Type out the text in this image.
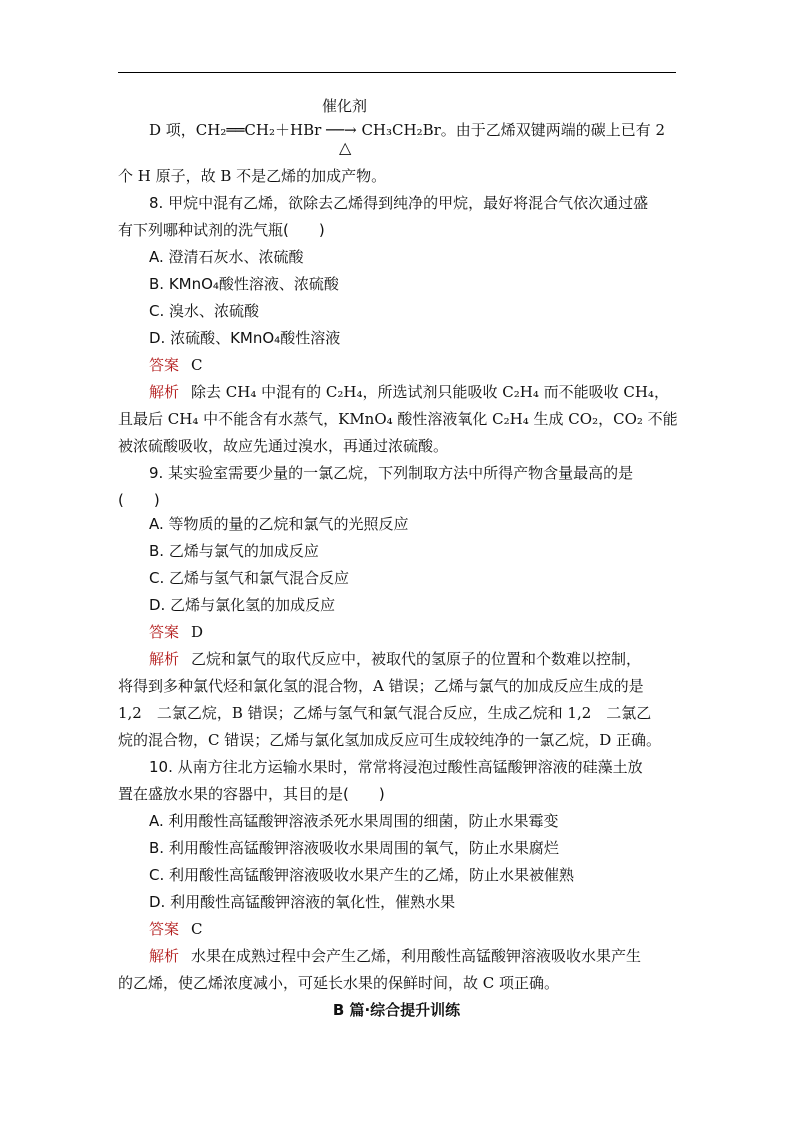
催化剂
D 项，CH₂══CH₂＋HBr ──→ CH₃CH₂Br。由于乙烯双键两端的碳上已有 2
△
个 H 原子，故 B 不是乙烯的加成产物。
8. 甲烷中混有乙烯，欲除去乙烯得到纯净的甲烷，最好将混合气依次通过盛
有下列哪种试剂的洗气瓶(　　)
A. 澄清石灰水、浓硫酸
B. KMnO₄酸性溶液、浓硫酸
C. 溴水、浓硫酸
D. 浓硫酸、KMnO₄酸性溶液
答案 C
解析 除去 CH₄ 中混有的 C₂H₄，所选试剂只能吸收 C₂H₄ 而不能吸收 CH₄，
且最后 CH₄ 中不能含有水蒸气，KMnO₄ 酸性溶液氧化 C₂H₄ 生成 CO₂，CO₂ 不能
被浓硫酸吸收，故应先通过溴水，再通过浓硫酸。
9. 某实验室需要少量的一氯乙烷，下列制取方法中所得产物含量最高的是
(　　)
A. 等物质的量的乙烷和氯气的光照反应
B. 乙烯与氯气的加成反应
C. 乙烯与氢气和氯气混合反应
D. 乙烯与氯化氢的加成反应
答案 D
解析 乙烷和氯气的取代反应中，被取代的氢原子的位置和个数难以控制，
将得到多种氯代烃和氯化氢的混合物，A 错误；乙烯与氯气的加成反应生成的是
1,2　二氯乙烷，B 错误；乙烯与氢气和氯气混合反应，生成乙烷和 1,2　二氯乙
烷的混合物，C 错误；乙烯与氯化氢加成反应可生成较纯净的一氯乙烷，D 正确。
10. 从南方往北方运输水果时，常常将浸泡过酸性高锰酸钾溶液的硅藻土放
置在盛放水果的容器中，其目的是(　　)
A. 利用酸性高锰酸钾溶液杀死水果周围的细菌，防止水果霉变
B. 利用酸性高锰酸钾溶液吸收水果周围的氧气，防止水果腐烂
C. 利用酸性高锰酸钾溶液吸收水果产生的乙烯，防止水果被催熟
D. 利用酸性高锰酸钾溶液的氧化性，催熟水果
答案 C
解析 水果在成熟过程中会产生乙烯，利用酸性高锰酸钾溶液吸收水果产生
的乙烯，使乙烯浓度减小，可延长水果的保鲜时间，故 C 项正确。
B 篇·综合提升训练
